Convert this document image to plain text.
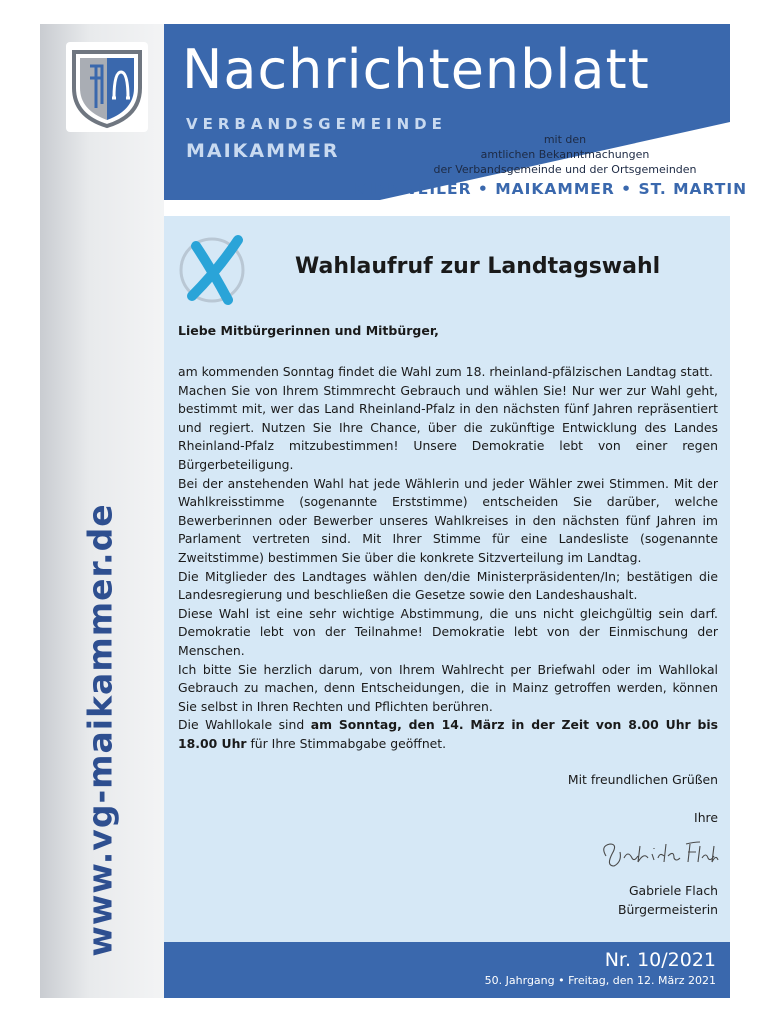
www.vg-maikammer.de
Nachrichtenblatt
VERBANDSGEMEINDE
MAIKAMMER
mit den
amtlichen Bekanntmachungen
der Verbandsgemeinde und der Ortsgemeinden
KIRRWEILER • MAIKAMMER • ST. MARTIN
Wahlaufruf zur Landtagswahl
Liebe Mitbürgerinnen und Mitbürger,

am kommenden Sonntag findet die Wahl zum 18. rheinland-pfälzischen Landtag statt.

Machen Sie von Ihrem Stimmrecht Gebrauch und wählen Sie! Nur wer zur Wahl geht, bestimmt mit, wer das Land Rheinland-Pfalz in den nächsten fünf Jahren repräsentiert und regiert. Nutzen Sie Ihre Chance, über die zukünftige Entwicklung des Landes Rheinland-Pfalz mitzubestimmen! Unsere Demokratie lebt von einer regen Bürgerbeteiligung.

Bei der anstehenden Wahl hat jede Wählerin und jeder Wähler zwei Stimmen. Mit der Wahlkreisstimme (sogenannte Erststimme) entscheiden Sie darüber, welche Bewerberinnen oder Bewerber unseres Wahlkreises in den nächsten fünf Jahren im Parlament vertreten sind. Mit Ihrer Stimme für eine Landesliste (sogenannte Zweitstimme) bestimmen Sie über die konkrete Sitzverteilung im Landtag.

Die Mitglieder des Landtages wählen den/die Ministerpräsidenten/In; bestätigen die Landesregierung und beschließen die Gesetze sowie den Landeshaushalt.

Diese Wahl ist eine sehr wichtige Abstimmung, die uns nicht gleichgültig sein darf. Demokratie lebt von der Teilnahme! Demokratie lebt von der Einmischung der Menschen.

Ich bitte Sie herzlich darum, von Ihrem Wahlrecht per Briefwahl oder im Wahllokal Gebrauch zu machen, denn Entscheidungen, die in Mainz getroffen werden, können Sie selbst in Ihren Rechten und Pflichten berühren.

Die Wahllokale sind am Sonntag, den 14. März in der Zeit von 8.00 Uhr bis 18.00 Uhr für Ihre Stimmabgabe geöffnet.

Mit freundlichen Grüßen
Ihre
Gabriele Flach
Bürgermeisterin
Nr. 10/2021
50. Jahrgang • Freitag, den 12. März 2021
